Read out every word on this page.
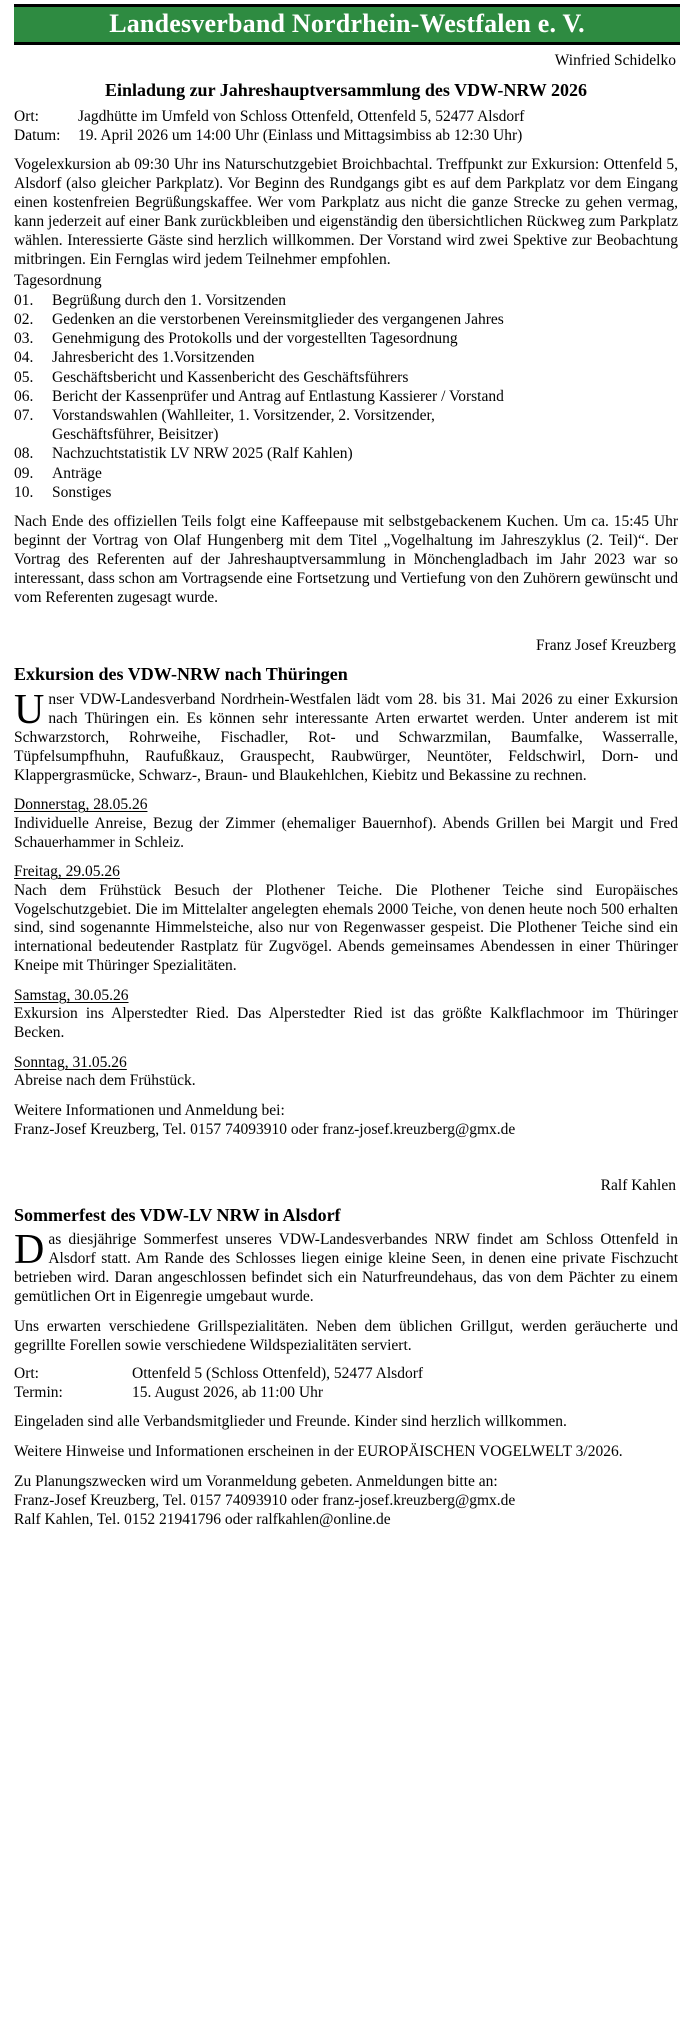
Landesverband Nordrhein-Westfalen e. V.
Winfried Schidelko
Einladung zur Jahreshauptversammlung des VDW-NRW 2026
Ort:	Jagdhütte im Umfeld von Schloss Ottenfeld, Ottenfeld 5, 52477 Alsdorf
Datum:	19. April 2026 um 14:00 Uhr (Einlass und Mittagsimbiss ab 12:30 Uhr)

Vogelexkursion ab 09:30 Uhr ins Naturschutzgebiet Broichbachtal. Treffpunkt zur Exkursion: Ottenfeld 5, Alsdorf (also gleicher Parkplatz). Vor Beginn des Rundgangs gibt es auf dem Parkplatz vor dem Eingang einen kostenfreien Begrüßungskaffee. Wer vom Parkplatz aus nicht die ganze Strecke zu gehen vermag, kann jederzeit auf einer Bank zurückbleiben und eigenständig den übersichtlichen Rückweg zum Parkplatz wählen. Interessierte Gäste sind herzlich willkommen. Der Vorstand wird zwei Spektive zur Beobachtung mitbringen. Ein Fernglas wird jedem Teilnehmer empfohlen.

Tagesordnung
01.	Begrüßung durch den 1. Vorsitzenden
02.	Gedenken an die verstorbenen Vereinsmitglieder des vergangenen Jahres
03.	Genehmigung des Protokolls und der vorgestellten Tagesordnung
04.	Jahresbericht des 1.Vorsitzenden
05.	Geschäftsbericht und Kassenbericht des Geschäftsführers
06.	Bericht der Kassenprüfer und Antrag auf Entlastung Kassierer / Vorstand
07.	Vorstandswahlen (Wahlleiter, 1. Vorsitzender, 2. Vorsitzender,
Geschäftsführer, Beisitzer)
08.	Nachzuchtstatistik LV NRW 2025 (Ralf Kahlen)
09.	Anträge
10.	Sonstiges

Nach Ende des offiziellen Teils folgt eine Kaffeepause mit selbstgebackenem Kuchen. Um ca. 15:45 Uhr beginnt der Vortrag von Olaf Hungenberg mit dem Titel „Vogelhaltung im Jahreszyklus (2. Teil)“. Der Vortrag des Referenten auf der Jahreshauptversammlung in Mönchengladbach im Jahr 2023 war so interessant, dass schon am Vortragsende eine Fortsetzung und Vertiefung von den Zuhörern gewünscht und vom Referenten zugesagt wurde.

Franz Josef Kreuzberg
Exkursion des VDW-NRW nach Thüringen

Unser VDW-Landesverband Nordrhein-Westfalen lädt vom 28. bis 31. Mai 2026 zu einer Exkursion nach Thüringen ein. Es können sehr interessante Arten erwartet werden. Unter anderem ist mit Schwarzstorch, Rohrweihe, Fischadler, Rot- und Schwarzmilan, Baumfalke, Wasserralle, Tüpfelsumpfhuhn, Raufußkauz, Grauspecht, Raubwürger, Neuntöter, Feldschwirl, Dorn- und Klappergrasmücke, Schwarz-, Braun- und Blaukehlchen, Kiebitz und Bekassine zu rechnen.

Donnerstag, 28.05.26

Individuelle Anreise, Bezug der Zimmer (ehemaliger Bauernhof). Abends Grillen bei Margit und Fred Schauerhammer in Schleiz.

Freitag, 29.05.26

Nach dem Frühstück Besuch der Plothener Teiche. Die Plothener Teiche sind Europäisches Vogelschutzgebiet. Die im Mittelalter angelegten ehemals 2000 Teiche, von denen heute noch 500 erhalten sind, sind sogenannte Himmelsteiche, also nur von Regenwasser gespeist. Die Plothener Teiche sind ein international bedeutender Rastplatz für Zugvögel. Abends gemeinsames Abendessen in einer Thüringer Kneipe mit Thüringer Spezialitäten.

Samstag, 30.05.26

Exkursion ins Alperstedter Ried. Das Alperstedter Ried ist das größte Kalkflachmoor im Thüringer Becken.

Sonntag, 31.05.26

Abreise nach dem Frühstück.

Weitere Informationen und Anmeldung bei:

Franz-Josef Kreuzberg, Tel. 0157 74093910 oder franz-josef.kreuzberg@gmx.de

Ralf Kahlen
Sommerfest des VDW-LV NRW in Alsdorf

Das diesjährige Sommerfest unseres VDW-Landesverbandes NRW findet am Schloss Ottenfeld in Alsdorf statt. Am Rande des Schlosses liegen einige kleine Seen, in denen eine private Fischzucht betrieben wird. Daran angeschlossen befindet sich ein Naturfreundehaus, das von dem Pächter zu einem gemütlichen Ort in Eigenregie umgebaut wurde.

Uns erwarten verschiedene Grillspezialitäten. Neben dem üblichen Grillgut, werden geräucherte und gegrillte Forellen sowie verschiedene Wildspezialitäten serviert.

Ort:	Ottenfeld 5 (Schloss Ottenfeld), 52477 Alsdorf
Termin:	15. August 2026, ab 11:00 Uhr

Eingeladen sind alle Verbandsmitglieder und Freunde. Kinder sind herzlich willkommen.

Weitere Hinweise und Informationen erscheinen in der EUROPÄISCHEN VOGELWELT 3/2026.

Zu Planungszwecken wird um Voranmeldung gebeten. Anmeldungen bitte an:

Franz-Josef Kreuzberg, Tel. 0157 74093910 oder franz-josef.kreuzberg@gmx.de

Ralf Kahlen, Tel. 0152 21941796 oder ralfkahlen@online.de
